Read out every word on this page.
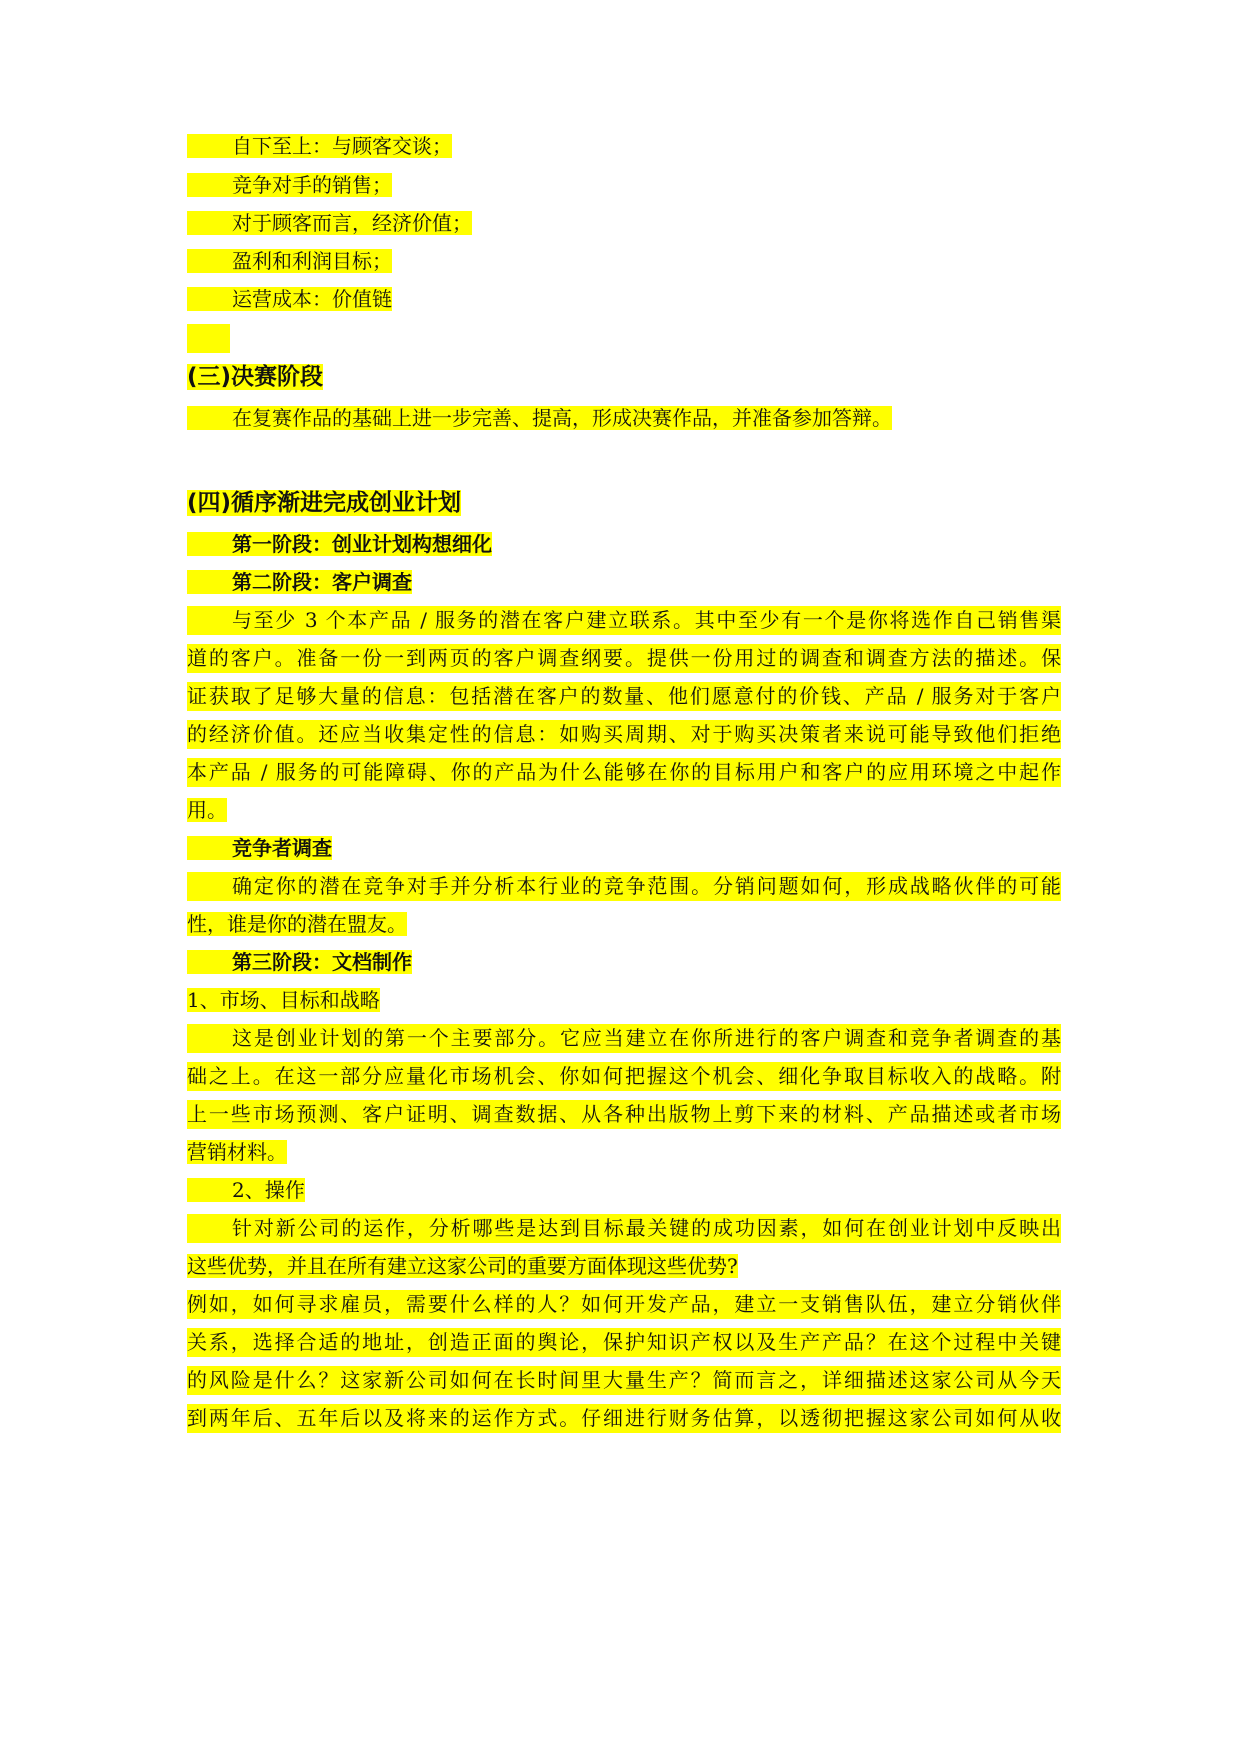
自下至上：与顾客交谈；
竞争对手的销售；
对于顾客而言，经济价值；
盈利和利润目标；
运营成本：价值链
(三)决赛阶段
在复赛作品的基础上进一步完善、提高，形成决赛作品，并准备参加答辩。
(四)循序渐进完成创业计划
第一阶段：创业计划构想细化
第二阶段：客户调查
与至少 3 个本产品 / 服务的潜在客户建立联系。其中至少有一个是你将选作自己销售渠
道的客户。准备一份一到两页的客户调查纲要。提供一份用过的调查和调查方法的描述。保
证获取了足够大量的信息：包括潜在客户的数量、他们愿意付的价钱、产品 / 服务对于客户
的经济价值。还应当收集定性的信息：如购买周期、对于购买决策者来说可能导致他们拒绝
本产品 / 服务的可能障碍、你的产品为什么能够在你的目标用户和客户的应用环境之中起作
用。
竞争者调查
确定你的潜在竞争对手并分析本行业的竞争范围。分销问题如何，形成战略伙伴的可能
性，谁是你的潜在盟友。
第三阶段：文档制作
1、市场、目标和战略
这是创业计划的第一个主要部分。它应当建立在你所进行的客户调查和竞争者调查的基
础之上。在这一部分应量化市场机会、你如何把握这个机会、细化争取目标收入的战略。附
上一些市场预测、客户证明、调查数据、从各种出版物上剪下来的材料、产品描述或者市场
营销材料。
2、操作
针对新公司的运作，分析哪些是达到目标最关键的成功因素，如何在创业计划中反映出
这些优势，并且在所有建立这家公司的重要方面体现这些优势?
例如，如何寻求雇员，需要什么样的人？如何开发产品，建立一支销售队伍，建立分销伙伴
关系，选择合适的地址，创造正面的舆论，保护知识产权以及生产产品？在这个过程中关键
的风险是什么？这家新公司如何在长时间里大量生产？简而言之，详细描述这家公司从今天
到两年后、五年后以及将来的运作方式。仔细进行财务估算，以透彻把握这家公司如何从收
